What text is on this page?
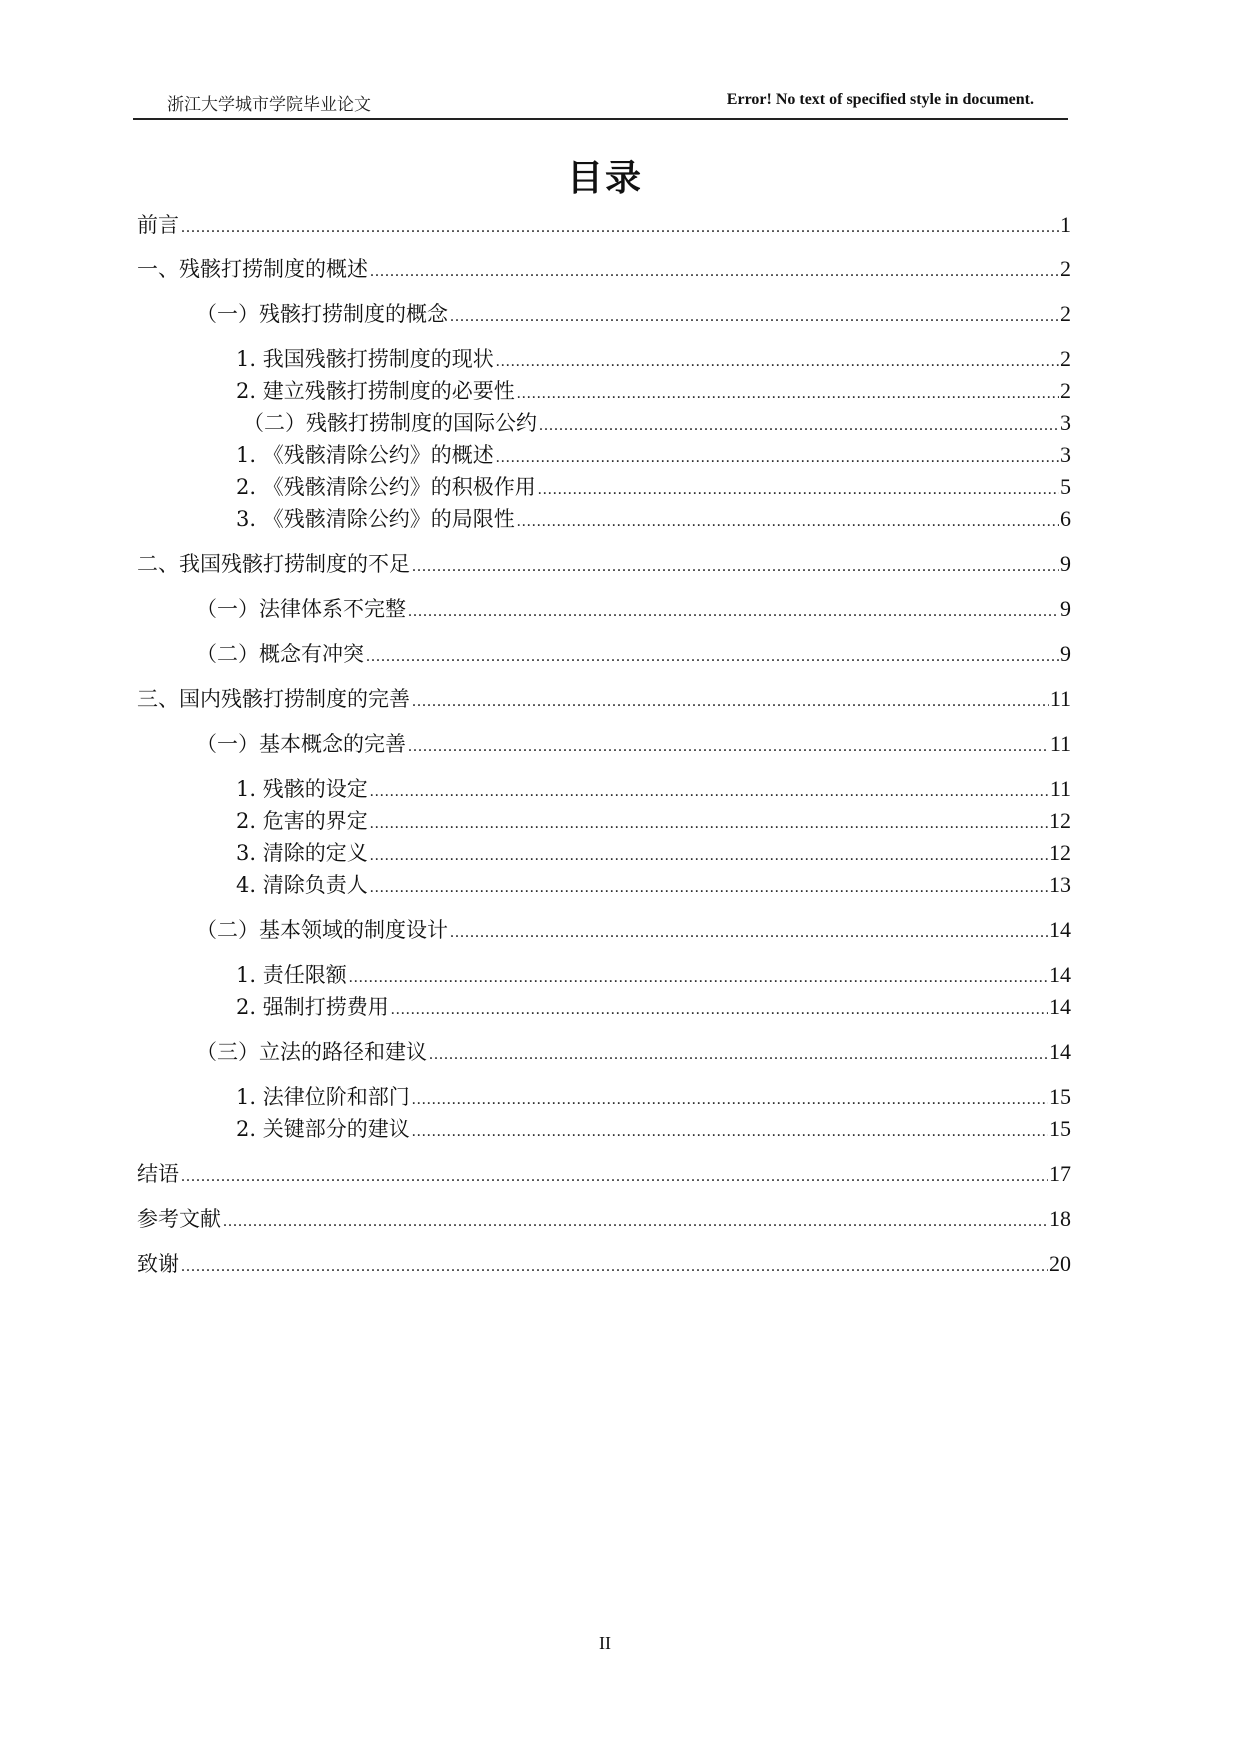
浙江大学城市学院毕业论文	Error! No text of specified style in document.
目录
前言 .....	1
一、残骸打捞制度的概述 .....	2
（一）残骸打捞制度的概念 .....	2
1. 我国残骸打捞制度的现状 .....	2
2. 建立残骸打捞制度的必要性 .....	2
（二）残骸打捞制度的国际公约 .....	3
1. 《残骸清除公约》的概述 .....	3
2. 《残骸清除公约》的积极作用 .....	5
3. 《残骸清除公约》的局限性 .....	6
二、我国残骸打捞制度的不足 .....	9
（一）法律体系不完整 .....	9
（二）概念有冲突 .....	9
三、国内残骸打捞制度的完善 .....	11
（一）基本概念的完善 .....	11
1. 残骸的设定 .....	11
2. 危害的界定 .....	12
3. 清除的定义 .....	12
4. 清除负责人 .....	13
（二）基本领域的制度设计 .....	14
1. 责任限额 .....	14
2. 强制打捞费用 .....	14
（三）立法的路径和建议 .....	14
1. 法律位阶和部门 .....	15
2. 关键部分的建议 .....	15
结语 .....	17
参考文献 .....	18
致谢 .....	20
II
